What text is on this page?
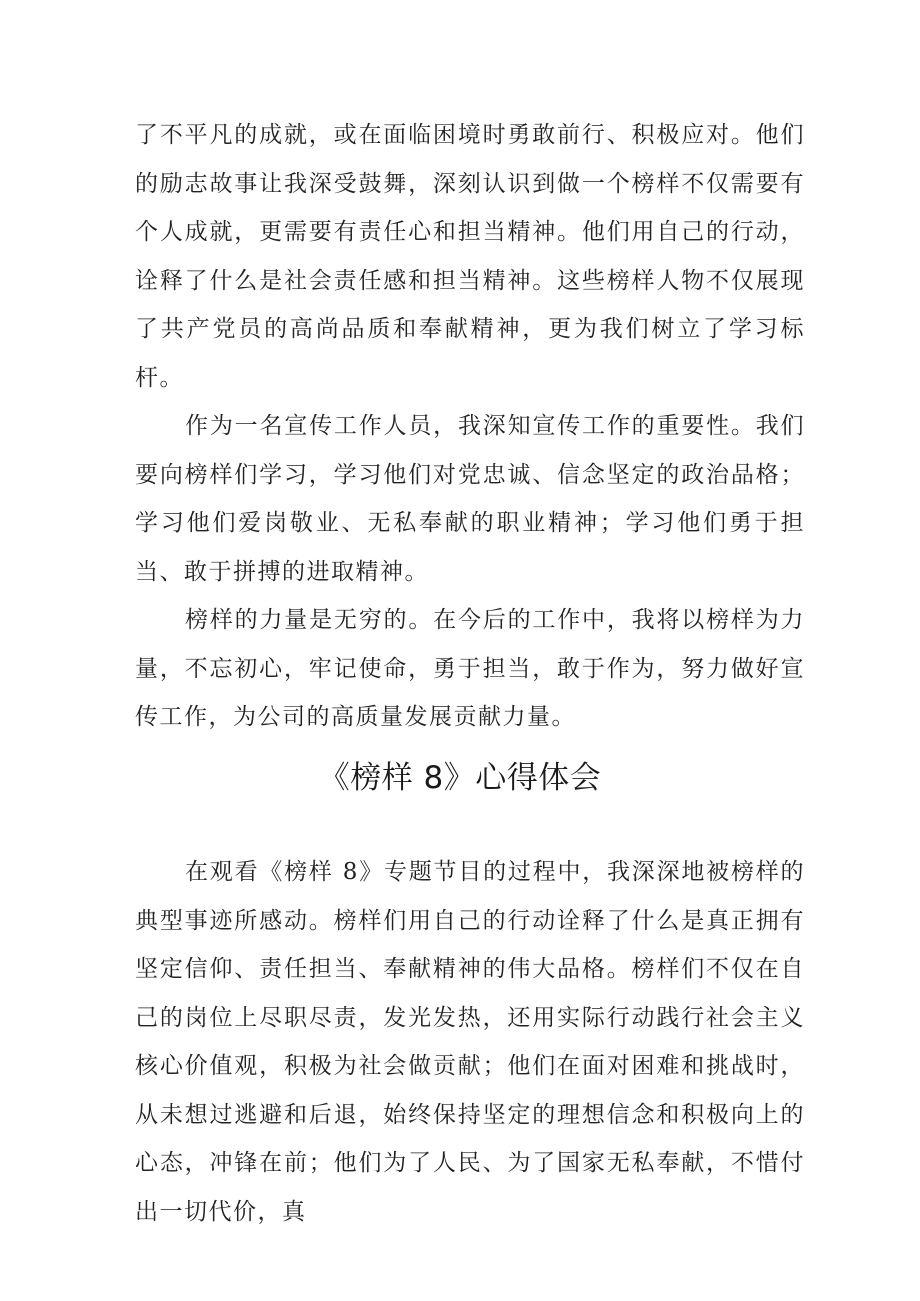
了不平凡的成就，或在面临困境时勇敢前行、积极应对。他们的励志故事让我深受鼓舞，深刻认识到做一个榜样不仅需要有个人成就，更需要有责任心和担当精神。他们用自己的行动，诠释了什么是社会责任感和担当精神。这些榜样人物不仅展现了共产党员的高尚品质和奉献精神，更为我们树立了学习标杆。

作为一名宣传工作人员，我深知宣传工作的重要性。我们要向榜样们学习，学习他们对党忠诚、信念坚定的政治品格；学习他们爱岗敬业、无私奉献的职业精神；学习他们勇于担当、敢于拼搏的进取精神。

榜样的力量是无穷的。在今后的工作中，我将以榜样为力量，不忘初心，牢记使命，勇于担当，敢于作为，努力做好宣传工作，为公司的高质量发展贡献力量。

《榜样 8》心得体会

在观看《榜样 8》专题节目的过程中，我深深地被榜样的典型事迹所感动。榜样们用自己的行动诠释了什么是真正拥有坚定信仰、责任担当、奉献精神的伟大品格。榜样们不仅在自己的岗位上尽职尽责，发光发热，还用实际行动践行社会主义核心价值观，积极为社会做贡献；他们在面对困难和挑战时，从未想过逃避和后退，始终保持坚定的理想信念和积极向上的心态，冲锋在前；他们为了人民、为了国家无私奉献，不惜付出一切代价，真
